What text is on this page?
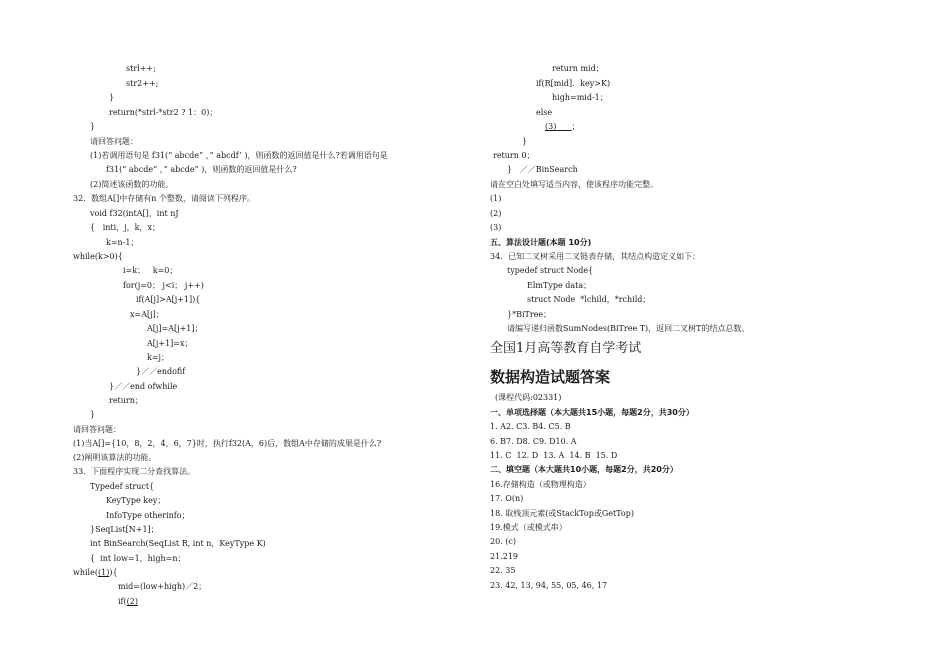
strl++;
str2++;
}
return(*strl-*str2 ? 1：0)；
}
请回答问题：
(1)若调用语句是 f31(” abcde” ，” abcdf’ )，则函数的返回值是什么?若调用语句是
f31(” abcde” ，” abcde” )，则函数的返回值是什么?
(2)简述该函数的功能。
32．数组A[]中存储有n 个整数，请阅读下列程序。
void f32(intA[]，int nJ
{   inti，j，k，x；
k=n-1；
while(k>0){
i=k；   k=0；
for(j=0； j<i； j++)
if(A[j]>A[j+1]){
x=A[j]；
A[j]=A[j+1]；
A[j+1]=x；
k=j；
}／／endofif
}／／end ofwhile
return；
}
请回答问题：
(1)当A[]={10，8，2，4，6，7}时，执行f32(A，6)后，数组A中存储的成果是什么?
(2)阐明该算法的功能。
33．下面程序实现二分查找算法。
Typedef struct{
KeyType key；
InfoType otherinfo；
}SeqList[N+1]；
int BinSearch(SeqList R, int n，KeyType K)
{  int low=1，high=n；
while((1)){
mid=(low+high)／2；
if((2)
return mid；
if(R[mid]．key>K)
high=mid-1；
else
(3) ；
}
return 0；
}   ／／BinSearch
请在空白处填写适当内容，使该程序功能完整。
(1)
(2)
(3)
五、算法设计题(本题 10分)
34．已知二叉树采用二叉链表存储，其结点构造定义如下：
typedef struct Node{
ElmType data；
struct Node  *lchild，*rchild；
}*BiTree；
请编写递归函数SumNodes(BiTree T)，返回二叉树T的结点总数。
全国1月高等教育自学考试
数据构造试题答案
(课程代码:02331)
一、单项选择题（本大题共15小题，每题2分，共30分）
1. A2. C3. B4. C5. B
6. B7. D8. C9. D10. A
11. C  12. D  13. A  14. B  15. D
二、填空题（本大题共10小题，每题2分，共20分）
16.存储构造（或物理构造）
17. O(n)
18. 取栈顶元素(或StackTop或GetTop)
19.模式（或模式串）
20. (c)
21.219
22. 35
23. 42, 13, 94, 55, 05, 46, 17
